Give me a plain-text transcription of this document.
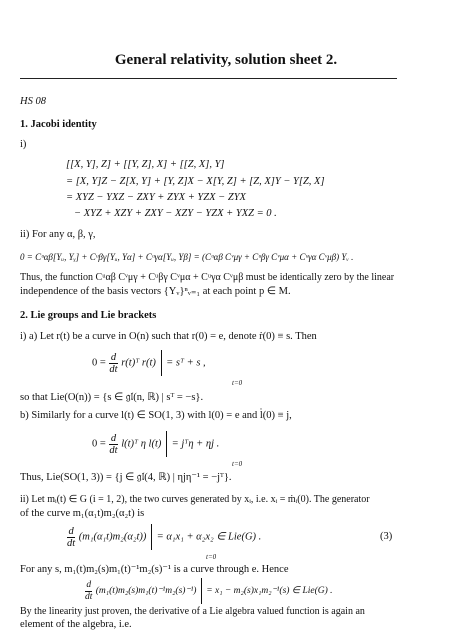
General relativity, solution sheet 2.
HS 08
1. Jacobi identity
i)
[[X, Y], Z] + [[Y, Z], X] + [[Z, X], Y]
= [X, Y]Z − Z[X, Y] + [Y, Z]X − X[Y, Z] + [Z, X]Y − Y[Z, X]
= XYZ − YXZ − ZXY + ZYX + YZX − ZYX
− XYZ + XZY + ZXY − XZY − YZX + YXZ = 0 .
ii) For any α, β, γ,
0 = Cᵘαβ[Yᵤ, Yᵧ] + Cᵘβγ[Yᵤ, Yα] + Cᵘγα[Yᵤ, Yβ] = (Cᵘαβ Cᵛμγ + Cᵘβγ Cᵛμα + Cᵘγα Cᵛμβ) Yᵥ .
Thus, the function Cᵘαβ Cᵛμγ + Cᵘβγ Cᵛμα + Cᵘγα Cᵛμβ must be identically zero by the linear
independence of the basis vectors {Yᵥ}ⁿᵥ₌₁ at each point p ∈ M.
2. Lie groups and Lie brackets
i) a) Let r(t) be a curve in O(n) such that r(0) = e, denote ṙ(0) ≡ s. Then
$0 = \frac{d}{dt}$ r(t)ᵀ r(t) = sᵀ + s ,
t=0
so that Lie(O(n)) = {s ∈ 𝔤𝔩(n, ℝ) | sᵀ = −s}.
b) Similarly for a curve l(t) ∈ SO(1, 3) with l(0) = e and l̇(0) ≡ j,
$0 = \frac{d}{dt}$ l(t)ᵀ η l(t) = jᵀη + ηj .
t=0
Thus, Lie(SO(1, 3)) = {j ∈ 𝔤𝔩(4, ℝ) | ηjη⁻¹ = −jᵀ}.
ii) Let mᵢ(t) ∈ G (i = 1, 2), the two curves generated by xᵢ, i.e. xᵢ = ṁᵢ(0). The generator
of the curve m₁(α₁t)m₂(α₂t) is
$\frac{d}{dt} (m_1(\alpha_1t)m_2(\alpha_2t)) = \alpha_1x_1 + \alpha_2x_2$ ∈ Lie(G) .
t=0
(3)
For any s, m₁(t)m₂(s)m₁(t)⁻¹m₂(s)⁻¹ is a curve through e. Hence
$\frac{d}{dt} (m_1(t)m_2(s)m_1(t)^{-1}m_2(s)^{-1}) = x_1 - m_2(s)x_1m_2^{-1}(s)$ ∈ Lie(G) .
By the linearity just proven, the derivative of a Lie algebra valued function is again an
element of the algebra, i.e.
